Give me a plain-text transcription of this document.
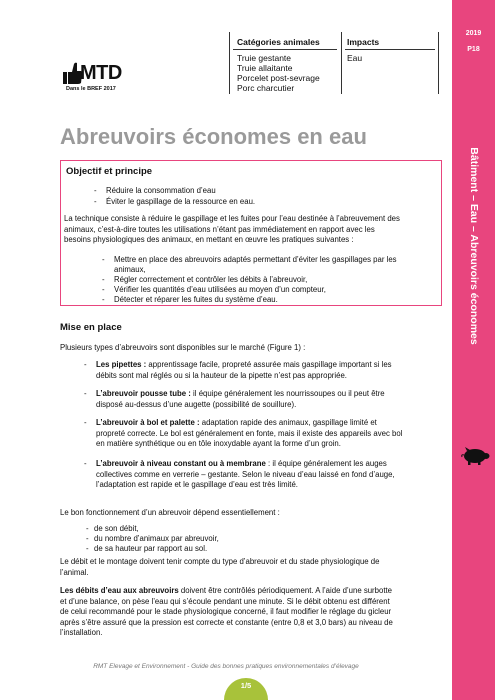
Sept
2019
P18
Bâtiment – Eau – Abreuvoirs économes
MTD
Dans le BREF 2017
Catégories animales	Impacts
Truie gestante
Truie allaitante
Porcelet post-sevrage
Porc charcutier
Eau
Abreuvoirs économes en eau
Objectif et principe
- Réduire la consommation d’eau
- Éviter le gaspillage de la ressource en eau.
La technique consiste à réduire le gaspillage et les fuites pour l’eau destinée à l’abreuvement des
animaux, c’est-à-dire toutes les utilisations n’étant pas immédiatement en rapport avec les
besoins physiologiques des animaux, en mettant en œuvre les pratiques suivantes :
- Mettre en place des abreuvoirs adaptés permettant d’éviter les gaspillages par les
animaux,
- Régler correctement et contrôler les débits à l’abreuvoir,
- Vérifier les quantités d’eau utilisées au moyen d’un compteur,
- Détecter et réparer les fuites du système d’eau.
Mise en place
Plusieurs types d’abreuvoirs sont disponibles sur le marché (Figure 1) :
- Les pipettes : apprentissage facile, propreté assurée mais gaspillage important si les
débits sont mal réglés ou si la hauteur de la pipette n’est pas appropriée.
- L’abreuvoir pousse tube : il équipe généralement les nourrissoupes ou il peut être
disposé au-dessus d’une augette (possibilité de souillure).
- L’abreuvoir à bol et palette : adaptation rapide des animaux, gaspillage limité et
propreté correcte. Le bol est généralement en fonte, mais il existe des appareils avec bol
en matière synthétique ou en tôle inoxydable ayant la forme d’un groin.
- L’abreuvoir à niveau constant ou à membrane : il équipe généralement les auges
collectives comme en verrerie – gestante. Selon le niveau d’eau laissé en fond d’auge,
l’adaptation est rapide et le gaspillage d’eau est très limité.
Le bon fonctionnement d’un abreuvoir dépend essentiellement :
- de son débit,
- du nombre d’animaux par abreuvoir,
- de sa hauteur par rapport au sol.
Le débit et le montage doivent tenir compte du type d’abreuvoir et du stade physiologique de
l’animal.
Les débits d’eau aux abreuvoirs doivent être contrôlés périodiquement. A l’aide d’une surbotte
et d’une balance, on pèse l’eau qui s’écoule pendant une minute. Si le débit obtenu est différent
de celui recommandé pour le stade physiologique concerné, il faut modifier le réglage du gicleur
après s’être assuré que la pression est correcte et constante (entre 0,8 et 3,0 bars) au niveau de
l’installation.
RMT Elevage et Environnement - Guide des bonnes pratiques environnementales d’élevage
1/5
